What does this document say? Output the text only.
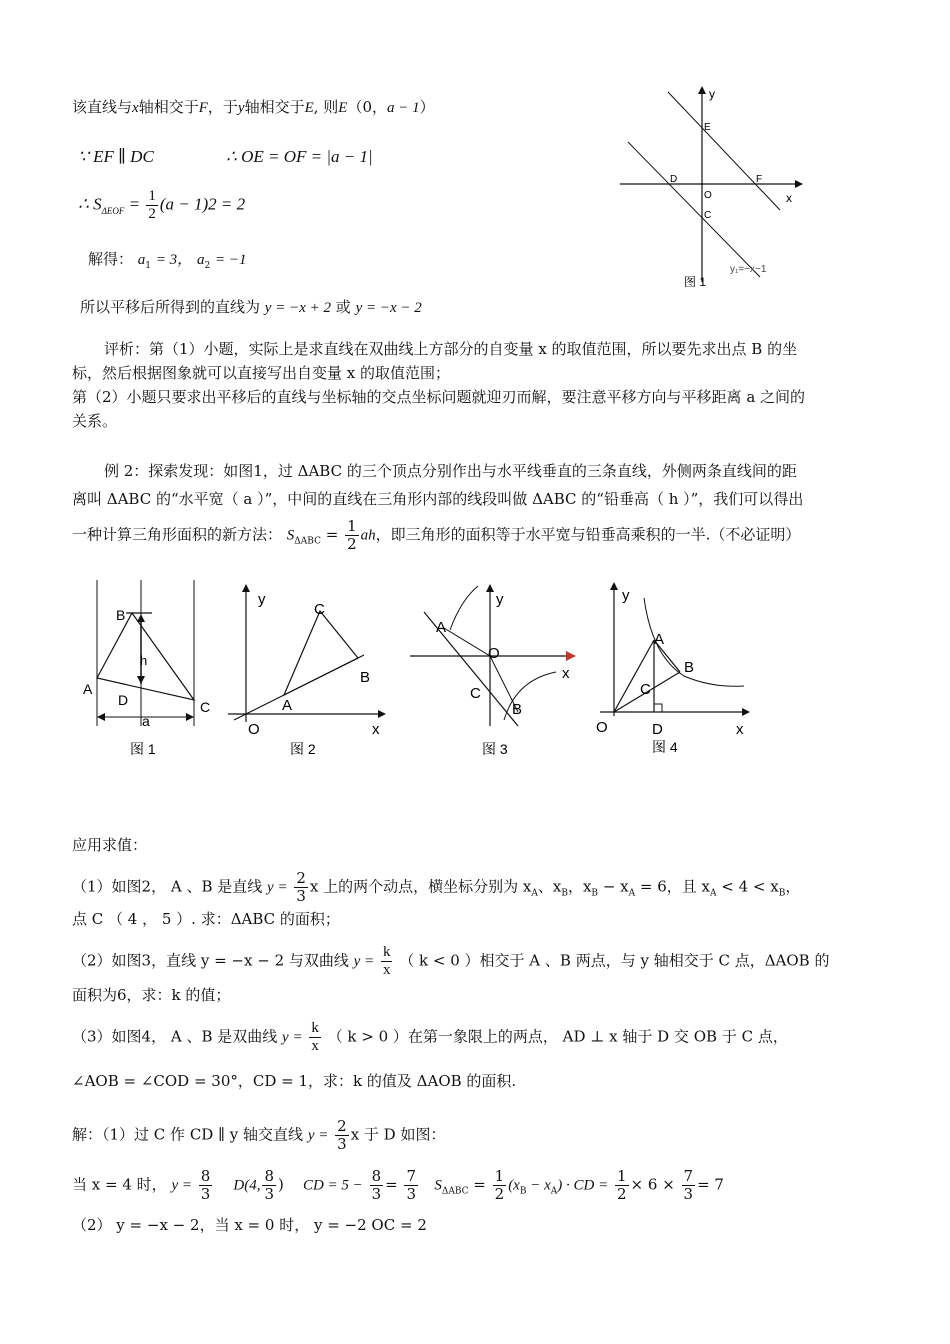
该直线与x轴相交于F，于y轴相交于E, 则E（0，a − 1）
∵ EF ∥ DC	∴ OE = OF = |a − 1|
∴ $S_{\Delta EOF} = \frac{1}{2} (a - 1)2 = 2$
解得： $a_1 = 3$， $a_2 = -1$
所以平移后所得到的直线为 y = −x + 2 或 y = −x − 2
y
x
E
D
O
F
C
y₁=−x−1
图 1
评析：第（1）小题，实际上是求直线在双曲线上方部分的自变量 x 的取值范围，所以要先求出点 B 的坐
标，然后根据图象就可以直接写出自变量 x 的取值范围；
第（2）小题只要求出平移后的直线与坐标轴的交点坐标问题就迎刃而解，要注意平移方向与平移距离 a 之间的
关系。
例 2：探索发现：如图1，过 ΔABC 的三个顶点分别作出与水平线垂直的三条直线，外侧两条直线间的距
离叫 ΔABC 的“水平宽（ a ）”，中间的直线在三角形内部的线段叫做 ΔABC 的“铅垂高（ h ）”，我们可以得出
一种计算三角形面积的新方法： $S_{\Delta ABC} = \frac{1}{2}$ ah，即三角形的面积等于水平宽与铅垂高乘积的一半.（不必证明）
B
h
A
D	C
a
图 1
y
C
B
A
O	x
图 2
y
A
O
x
C
B
图 3
y
A
B
C
O	D	x
图 4
应用求值：
（1）如图2， A 、B 是直线 $y = \frac{2}{3}$ x 上的两个动点，横坐标分别为 $x_A$、$x_B$，$x_B - x_A = 6$，且 $x_A < 4 < x_B$，
点 C （ 4 ， 5 ）. 求：ΔABC 的面积；
（2）如图3，直线 y = −x − 2 与双曲线 $y = \frac{k}{x}$ （ k < 0 ）相交于 A 、B 两点，与 y 轴相交于 C 点，ΔAOB 的
面积为6，求：k 的值；
（3）如图4， A 、B 是双曲线 $y = \frac{k}{x}$ （ k > 0 ）在第一象限上的两点， AD ⊥ x 轴于 D 交 OB 于 C 点，
∠AOB = ∠COD = 30°，CD = 1，求：k 的值及 ΔAOB 的面积.
解：（1）过 C 作 CD ∥ y 轴交直线 $y = \frac{2}{3}$ x 于 D 如图：
当 x = 4 时， $y = \frac{8}{3} D(4$, $\frac{8}{3}$ ) CD = $5 - \frac{8}{3} = \frac{7}{3} S_{\Delta ABC} = \frac{1}{2} (x_B - x_A)$ · CD = $\frac{1}{2} \times 6 \times \frac{7}{3} = 7$
（2） y = −x − 2，当 x = 0 时， y = −2 OC = 2
